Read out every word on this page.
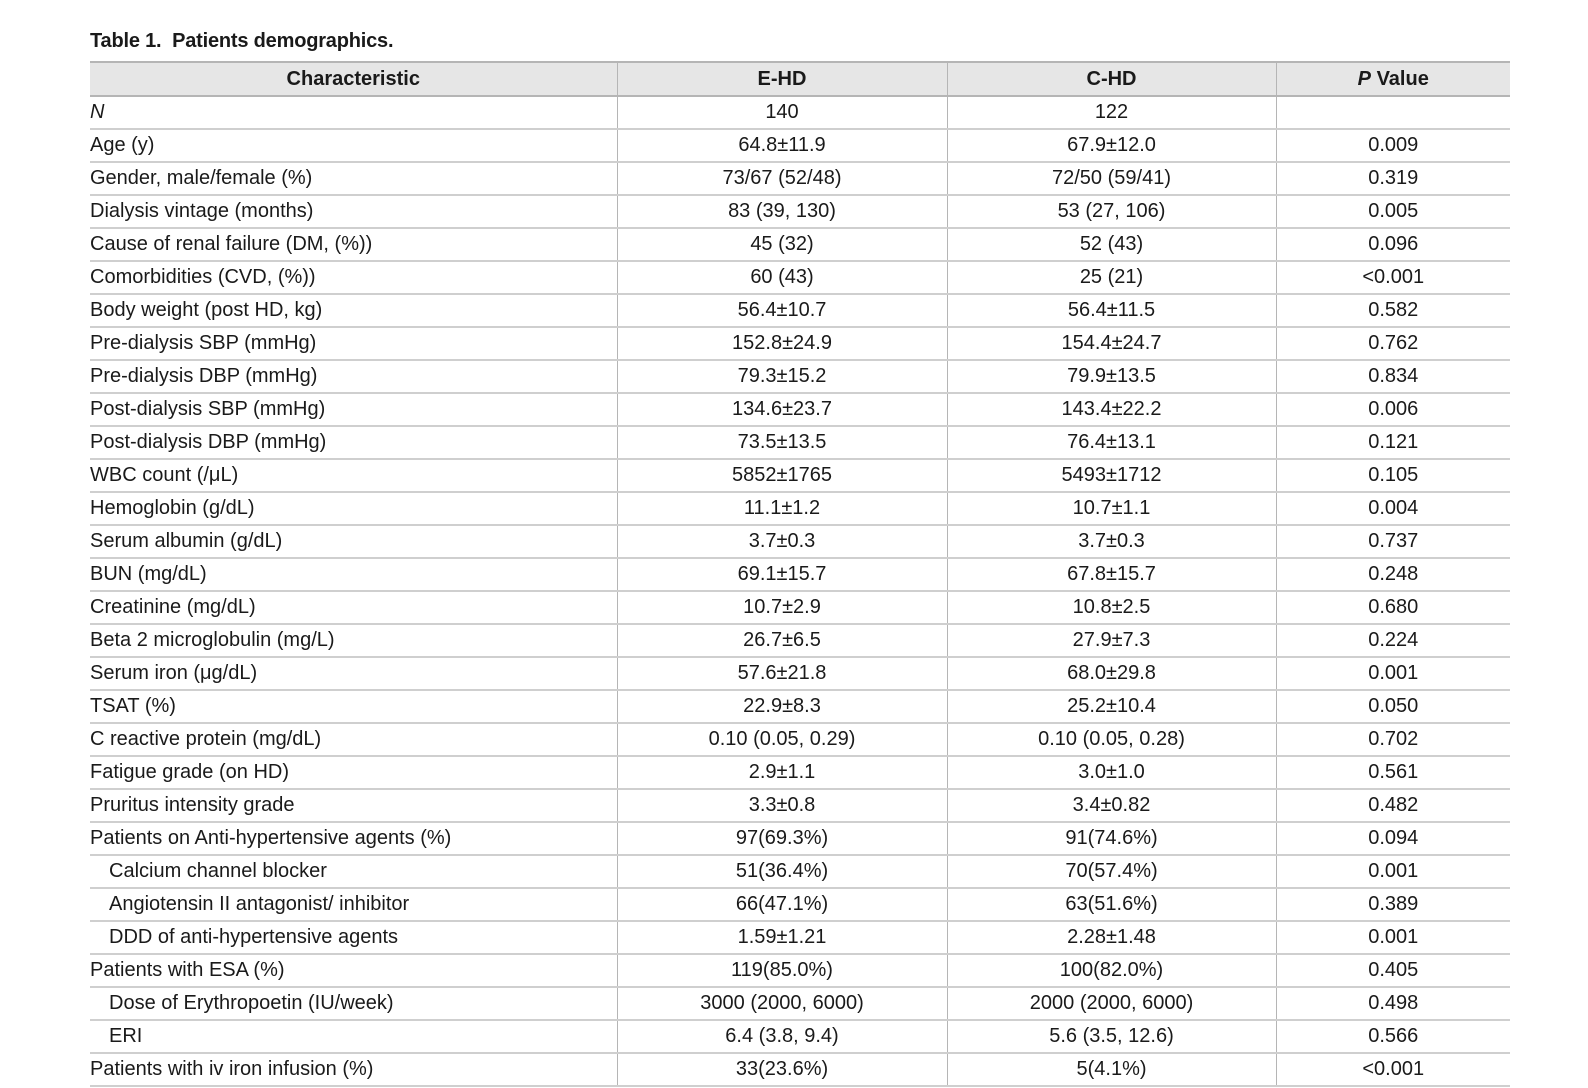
Table 1. Patients demographics.
Characteristic	E-HD	C-HD	P Value
N	140	122	
Age (y)	64.8±11.9	67.9±12.0	0.009
Gender, male/female (%)	73/67 (52/48)	72/50 (59/41)	0.319
Dialysis vintage (months)	83 (39, 130)	53 (27, 106)	0.005
Cause of renal failure (DM, (%))	45 (32)	52 (43)	0.096
Comorbidities (CVD, (%))	60 (43)	25 (21)	<0.001
Body weight (post HD, kg)	56.4±10.7	56.4±11.5	0.582
Pre-dialysis SBP (mmHg)	152.8±24.9	154.4±24.7	0.762
Pre-dialysis DBP (mmHg)	79.3±15.2	79.9±13.5	0.834
Post-dialysis SBP (mmHg)	134.6±23.7	143.4±22.2	0.006
Post-dialysis DBP (mmHg)	73.5±13.5	76.4±13.1	0.121
WBC count (/μL)	5852±1765	5493±1712	0.105
Hemoglobin (g/dL)	11.1±1.2	10.7±1.1	0.004
Serum albumin (g/dL)	3.7±0.3	3.7±0.3	0.737
BUN (mg/dL)	69.1±15.7	67.8±15.7	0.248
Creatinine (mg/dL)	10.7±2.9	10.8±2.5	0.680
Beta 2 microglobulin (mg/L)	26.7±6.5	27.9±7.3	0.224
Serum iron (μg/dL)	57.6±21.8	68.0±29.8	0.001
TSAT (%)	22.9±8.3	25.2±10.4	0.050
C reactive protein (mg/dL)	0.10 (0.05, 0.29)	0.10 (0.05, 0.28)	0.702
Fatigue grade (on HD)	2.9±1.1	3.0±1.0	0.561
Pruritus intensity grade	3.3±0.8	3.4±0.82	0.482
Patients on Anti-hypertensive agents (%)	97(69.3%)	91(74.6%)	0.094
Calcium channel blocker	51(36.4%)	70(57.4%)	0.001
Angiotensin II antagonist/ inhibitor	66(47.1%)	63(51.6%)	0.389
DDD of anti-hypertensive agents	1.59±1.21	2.28±1.48	0.001
Patients with ESA (%)	119(85.0%)	100(82.0%)	0.405
Dose of Erythropoetin (IU/week)	3000 (2000, 6000)	2000 (2000, 6000)	0.498
ERI	6.4 (3.8, 9.4)	5.6 (3.5, 12.6)	0.566
Patients with iv iron infusion (%)	33(23.6%)	5(4.1%)	<0.001
